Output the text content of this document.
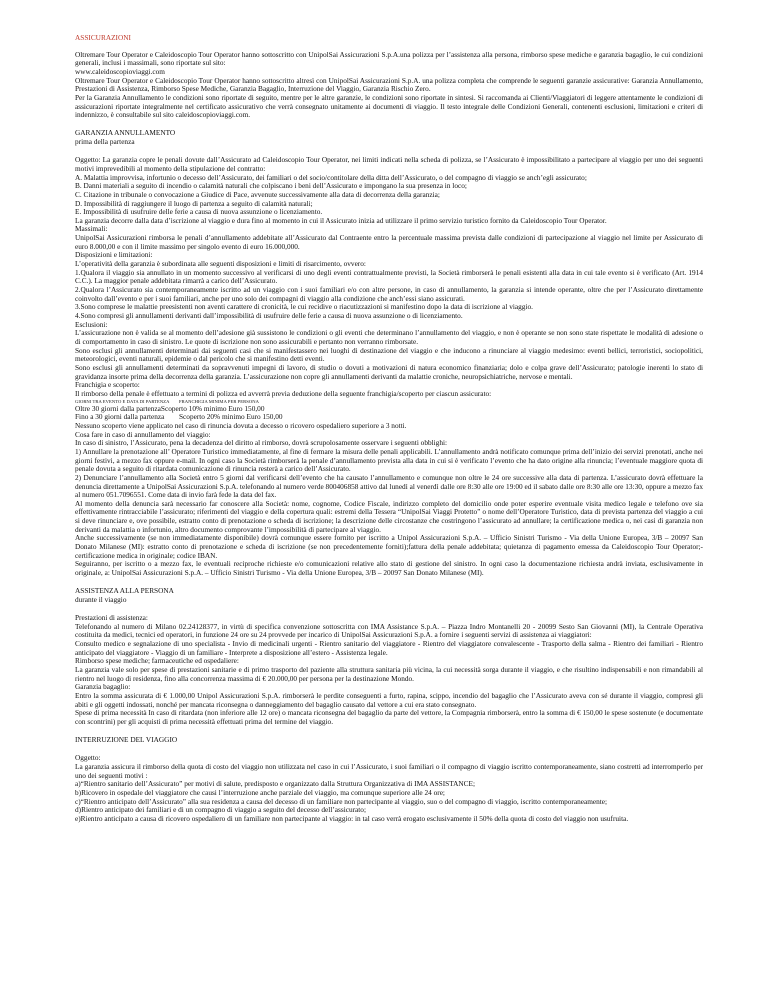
ASSICURAZIONI

Oltremare Tour Operator e Caleidoscopio Tour Operator hanno sottoscritto con UnipolSai Assicurazioni S.p.A.una polizza per l’assistenza alla persona, rimborso spese mediche e garanzia bagaglio, le cui condizioni generali, inclusi i massimali, sono riportate sul sito:

www.caleidoscopioviaggi.com

Oltremare Tour Operator e Caleidoscopio Tour Operator hanno sottoscritto altresì con UnipolSai Assicurazioni S.p.A. una polizza completa che comprende le seguenti garanzie assicurative: Garanzia Annullamento, Prestazioni di Assistenza, Rimborso Spese Mediche, Garanzia Bagaglio, Interruzione del Viaggio, Garanzia Rischio Zero.

Per la Garanzia Annullamento le condizioni sono riportate di seguito, mentre per le altre garanzie, le condizioni sono riportate in sintesi. Si raccomanda ai Clienti/Viaggiatori di leggere attentamente le condizioni di assicurazioni riportate integralmente nel certificato assicurativo che verrà consegnato unitamente ai documenti di viaggio. Il testo integrale delle Condizioni Generali, contenenti esclusioni, limitazioni e criteri di indennizzo, è consultabile sul sito caleidoscopioviaggi.com.

GARANZIA ANNULLAMENTO

prima della partenza

Oggetto: La garanzia copre le penali dovute dall’Assicurato ad Caleidoscopio Tour Operator, nei limiti indicati nella scheda di polizza, se l’Assicurato è impossibilitato a partecipare al viaggio per uno dei seguenti motivi imprevedibili al momento della stipulazione del contratto:

A. Malattia improvvisa, infortunio o decesso dell’Assicurato, dei familiari o del socio/contitolare della ditta dell’Assicurato, o del compagno di viaggio se anch’egli assicurato;

B. Danni materiali a seguito di incendio o calamità naturali che colpiscano i beni dell’Assicurato e impongano la sua presenza in loco;

C. Citazione in tribunale o convocazione a Giudice di Pace, avvenute successivamente alla data di decorrenza della garanzia;

D. Impossibilità di raggiungere il luogo di partenza a seguito di calamità naturali;

E. Impossibilità di usufruire delle ferie a causa di nuova assunzione o licenziamento.

La garanzia decorre dalla data d’iscrizione al viaggio e dura fino al momento in cui il Assicurato inizia ad utilizzare il primo servizio turistico fornito da Caleidoscopio Tour Operator.

Massimali:

UnipolSai Assicurazioni rimborsa le penali d’annullamento addebitate all’Assicurato dal Contraente entro la percentuale massima prevista dalle condizioni di partecipazione al viaggio nel limite per Assicurato di euro 8.000,00 e con il limite massimo per singolo evento di euro 16.000,000.

Disposizioni e limitazioni:

L’operatività della garanzia è subordinata alle seguenti disposizioni e limiti di risarcimento, ovvero:

1.Qualora il viaggio sia annullato in un momento successivo al verificarsi di uno degli eventi contrattualmente previsti, la Società rimborserà le penali esistenti alla data in cui tale evento si è verificato (Art. 1914 C.C.). La maggior penale addebitata rimarrà a carico dell’Assicurato.

2.Qualora l’Assicurato sia contemporaneamente iscritto ad un viaggio con i suoi familiari e/o con altre persone, in caso di annullamento, la garanzia si intende operante, oltre che per l’Assicurato direttamente coinvolto dall’evento e per i suoi familiari, anche per uno solo dei compagni di viaggio alla condizione che anch’essi siano assicurati.

3.Sono comprese le malattie preesistenti non aventi carattere di cronicità, le cui recidive o riacutizzazioni si manifestino dopo la data di iscrizione al viaggio.

4.Sono compresi gli annullamenti derivanti dall’impossibilità di usufruire delle ferie a causa di nuova assunzione o di licenziamento.

Esclusioni:

L’assicurazione non è valida se al momento dell’adesione già sussistono le condizioni o gli eventi che determinano l’annullamento del viaggio, e non è operante se non sono state rispettate le modalità di adesione o di comportamento in caso di sinistro. Le quote di iscrizione non sono assicurabili e pertanto non verranno rimborsate.

Sono esclusi gli annullamenti determinati dai seguenti casi che si manifestassero nei luoghi di destinazione del viaggio e che inducono a rinunciare al viaggio medesimo: eventi bellici, terroristici, sociopolitici, meteorologici, eventi naturali, epidemie o dal pericolo che si manifestino detti eventi.

Sono esclusi gli annullamenti determinati da sopravvenuti impegni di lavoro, di studio o dovuti a motivazioni di natura economico finanziaria; dolo e colpa grave dell’Assicurato; patologie inerenti lo stato di gravidanza insorte prima della decorrenza della garanzia. L’assicurazione non copre gli annullamenti derivanti da malattie croniche, neuropsichiatriche, nervose e mentali.

Franchigia e scoperto:

Il rimborso della penale è effettuato a termini di polizza ed avverrà previa deduzione della seguente franchigia/scoperto per ciascun assicurato:

GIORNI TRA EVENTO E DATA DI PARTENZA FRANCHIGIA MINIMA PER PERSONA

Oltre 30 giorni dalla partenzaScoperto 10% minimo Euro 150,00

Fino a 30 giorni dalla partenza Scoperto 20% minimo Euro 150,00

Nessuno scoperto viene applicato nel caso di rinuncia dovuta a decesso o ricovero ospedaliero superiore a 3 notti.

Cosa fare in caso di annullamento del viaggio:

In caso di sinistro, l’Assicurato, pena la decadenza del diritto al rimborso, dovrà scrupolosamente osservare i seguenti obblighi:

1) Annullare la prenotazione all’ Operatore Turistico immediatamente, al fine di fermare la misura delle penali applicabili. L’annullamento andrà notificato comunque prima dell’inizio dei servizi prenotati, anche nei giorni festivi, a mezzo fax oppure e-mail. In ogni caso la Società rimborserà la penale d’annullamento prevista alla data in cui si è verificato l’evento che ha dato origine alla rinuncia; l’eventuale maggiore quota di penale dovuta a seguito di ritardata comunicazione di rinuncia resterà a carico dell’Assicurato.

2) Denunciare l’annullamento alla Società entro 5 giorni dal verificarsi dell’evento che ha causato l’annullamento e comunque non oltre le 24 ore successive alla data di partenza. L’assicurato dovrà effettuare la denuncia direttamente a UnipolSai Assicurazioni S.p.A. telefonando al numero verde 800406858 attivo dal lunedì al venerdì dalle ore 8:30 alle ore 19:00 ed il sabato dalle ore 8:30 alle ore 13:30, oppure a mezzo fax al numero 051.7096551. Come data di invio farà fede la data del fax.

Al momento della denuncia sarà necessario far conoscere alla Società: nome, cognome, Codice Fiscale, indirizzo completo del domicilio onde poter esperire eventuale visita medico legale e telefono ove sia effettivamente rintracciabile l’assicurato; riferimenti del viaggio e della copertura quali: estremi della Tessera “UnipolSai Viaggi Protetto” o nome dell’Operatore Turistico, data di prevista partenza del viaggio a cui si deve rinunciare e, ove possibile, estratto conto di prenotazione o scheda di iscrizione; la descrizione delle circostanze che costringono l’assicurato ad annullare; la certificazione medica o, nei casi di garanzia non derivanti da malattia o infortunio, altro documento comprovante l’impossibilità di partecipare al viaggio.

Anche successivamente (se non immediatamente disponibile) dovrà comunque essere fornito per iscritto a Unipol Assicurazioni S.p.A. – Ufficio Sinistri Turismo - Via della Unione Europea, 3/B – 20097 San Donato Milanese (MI): estratto conto di prenotazione e scheda di iscrizione (se non precedentemente forniti);fattura della penale addebitata; quietanza di pagamento emessa da Caleidoscopio Tour Operator;-certificazione medica in originale; codice IBAN.

Seguiranno, per iscritto o a mezzo fax, le eventuali reciproche richieste e/o comunicazioni relative allo stato di gestione del sinistro. In ogni caso la documentazione richiesta andrà inviata, esclusivamente in originale, a: UnipolSai Assicurazioni S.p.A. – Ufficio Sinistri Turismo - Via della Unione Europea, 3/B – 20097 San Donato Milanese (MI).

ASSISTENZA ALLA PERSONA

durante il viaggio

Prestazioni di assistenza:

Telefonando al numero di Milano 02.24128377, in virtù di specifica convenzione sottoscritta con IMA Assistance S.p.A. – Piazza Indro Montanelli 20 - 20099 Sesto San Giovanni (MI), la Centrale Operativa costituita da medici, tecnici ed operatori, in funzione 24 ore su 24 provvede per incarico di UnipolSai Assicurazioni S.p.A. a fornire i seguenti servizi di assistenza ai viaggiatori:

Consulto medico e segnalazione di uno specialista - Invio di medicinali urgenti - Rientro sanitario del viaggiatore - Rientro del viaggiatore convalescente - Trasporto della salma - Rientro dei familiari - Rientro anticipato del viaggiatore - Viaggio di un familiare - Interprete a disposizione all’estero - Assistenza legale.

Rimborso spese mediche; farmaceutiche ed ospedaliere:

La garanzia vale solo per spese di prestazioni sanitarie e di primo trasporto del paziente alla struttura sanitaria più vicina, la cui necessità sorga durante il viaggio, e che risultino indispensabili e non rimandabili al rientro nel luogo di residenza, fino alla concorrenza massima di € 20.000,00 per persona per la destinazione Mondo.

Garanzia bagaglio:

Entro la somma assicurata di € 1.000,00 Unipol Assicurazioni S.p.A. rimborserà le perdite conseguenti a furto, rapina, scippo, incendio del bagaglio che l’Assicurato aveva con sé durante il viaggio, compresi gli abiti e gli oggetti indossati, nonché per mancata riconsegna o danneggiamento del bagaglio causato dal vettore a cui era stato consegnato.

Spese di prima necessità In caso di ritardata (non inferiore alle 12 ore) o mancata riconsegna del bagaglio da parte del vettore, la Compagnia rimborserà, entro la somma di € 150,00 le spese sostenute (e documentate con scontrini) per gli acquisti di prima necessità effettuati prima del termine del viaggio.

INTERRUZIONE DEL VIAGGIO

Oggetto:

La garanzia assicura il rimborso della quota di costo del viaggio non utilizzata nel caso in cui l’Assicurato, i suoi familiari o il compagno di viaggio iscritto contemporaneamente, siano costretti ad interromperlo per uno dei seguenti motivi :

a)“Rientro sanitario dell’Assicurato” per motivi di salute, predisposto e organizzato dalla Struttura Organizzativa di IMA ASSISTANCE;

b)Ricovero in ospedale del viaggiatore che causi l’interruzione anche parziale del viaggio, ma comunque superiore alle 24 ore;

c)“Rientro anticipato dell’Assicurato” alla sua residenza a causa del decesso di un familiare non partecipante al viaggio, suo o del compagno di viaggio, iscritto contemporaneamente;

d)Rientro anticipato dei familiari e di un compagno di viaggio a seguito del decesso dell’assicurato;

e)Rientro anticipato a causa di ricovero ospedaliero di un familiare non partecipante al viaggio: in tal caso verrà erogato esclusivamente il 50% della quota di costo del viaggio non usufruita.
